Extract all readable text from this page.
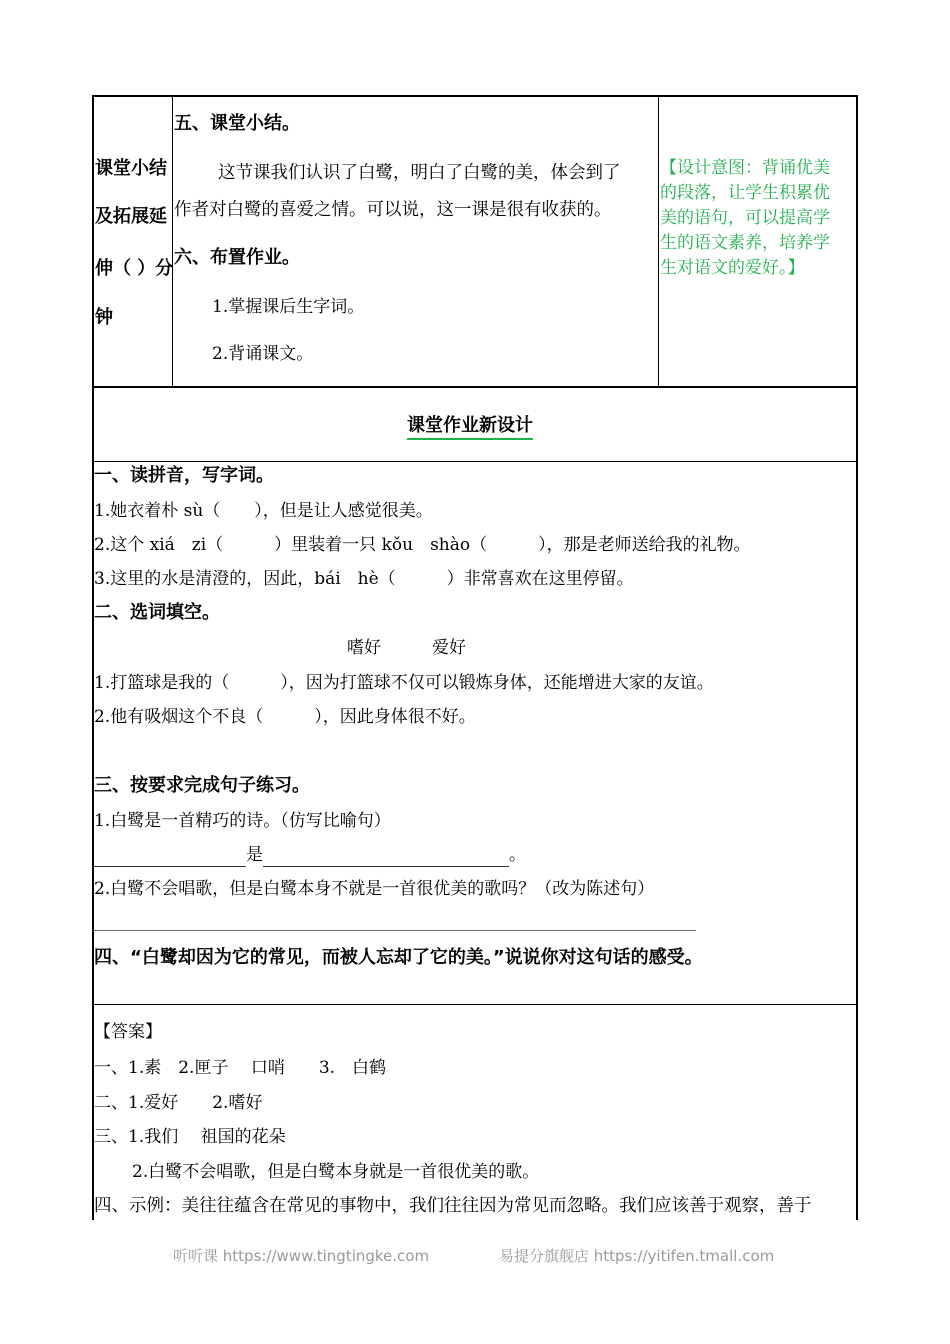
课堂小结
及拓展延
伸（ ）分
钟
五、课堂小结。
这节课我们认识了白鹭，明白了白鹭的美，体会到了
作者对白鹭的喜爱之情。可以说，这一课是很有收获的。
六、布置作业。
1.掌握课后生字词。
2.背诵课文。
【设计意图：背诵优美
的段落，让学生积累优
美的语句，可以提高学
生的语文素养，培养学
生对语文的爱好。】
课堂作业新设计
一、读拼音，写字词。
1.她衣着朴 sù（　　），但是让人感觉很美。
2.这个 xiá　zi（　　　）里装着一只 kǒu　shào（　　　），那是老师送给我的礼物。
3.这里的水是清澄的，因此，bái　hè（　　　）非常喜欢在这里停留。
二、选词填空。
嗜好　　　爱好
1.打篮球是我的（　　　），因为打篮球不仅可以锻炼身体，还能增进大家的友谊。
2.他有吸烟这个不良（　　　），因此身体很不好。
三、按要求完成句子练习。
1.白鹭是一首精巧的诗。（仿写比喻句）
是	。
2.白鹭不会唱歌，但是白鹭本身不就是一首很优美的歌吗？（改为陈述句）
四、“白鹭却因为它的常见，而被人忘却了它的美。”说说你对这句话的感受。
【答案】
一、1.素　2.匣子　 口哨　　3.　白鹤
二、1.爱好　　2.嗜好
三、1.我们　 祖国的花朵
2.白鹭不会唱歌，但是白鹭本身就是一首很优美的歌。
四、示例：美往往蕴含在常见的事物中，我们往往因为常见而忽略。我们应该善于观察，善于
听听课 https://www.tingtingke.com	易提分旗舰店 https://yitifen.tmall.com
